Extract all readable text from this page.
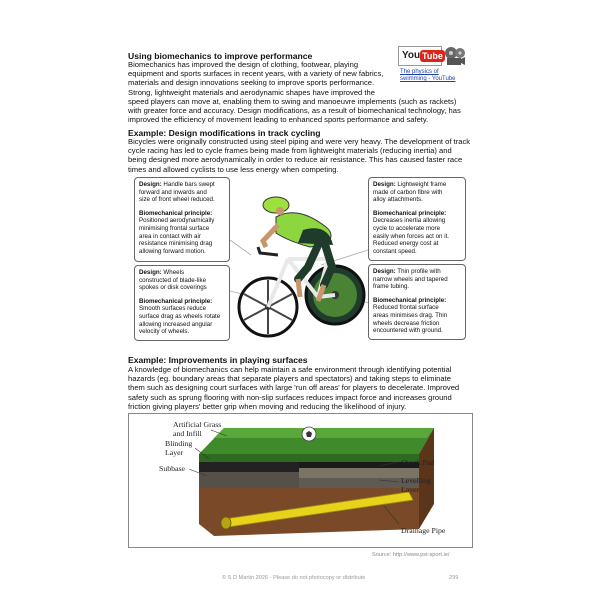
Using biomechanics to improve performance
Biomechanics has improved the design of clothing, footwear, playing
equipment and sports surfaces in recent years, with a variety of new fabrics,
materials and design innovations seeking to improve sports performance.
Strong, lightweight materials and aerodynamic shapes have improved the
speed players can move at, enabling them to swing and manoeuvre implements (such as rackets)
with greater force and accuracy. Design modifications, as a result of biomechanical technology, has
improved the efficiency of movement leading to enhanced sports performance and safety.
You Tube
The physics of
swimming - YouTube
Example: Design modifications in track cycling
Bicycles were originally constructed using steel piping and were very heavy. The development of track
cycle racing has led to cycle frames being made from lightweight materials (reducing inertia) and
being designed more aerodynamically in order to reduce air resistance. This has caused faster race
times and allowed cyclists to use less energy when competing.
Design: Handle bars swept
forward and inwards and
size of front wheel reduced.
Biomechanical principle:
Positioned aerodynamically
minimising frontal surface
area in contact with air
resistance minimising drag
allowing forward motion.
Design: Wheels
constructed of blade-like
spokes or disk coverings
Biomechanical principle:
Smooth surfaces reduce
surface drag as wheels rotate
allowing increased angular
velocity of wheels.
Design: Lightweight frame
made of carbon fibre with
alloy attachments.
Biomechanical principle:
Decreases inertia allowing
cycle to accelerate more
easily when forces act on it.
Reduced energy cost at
constant speed.
Design: Thin profile with
narrow wheels and tapered
frame tubing.
Biomechanical principle:
Reduced frontal surface
areas minimises drag. Thin
wheels decrease friction
encountered with ground.
Example: Improvements in playing surfaces
A knowledge of biomechanics can help maintain a safe environment through identifying potential
hazards (eg. boundary areas that separate players and spectators) and taking steps to eliminate
them such as designing court surfaces with large 'run off areas' for players to decelerate. Improved
safety such as sprung flooring with non-slip surfaces reduces impact force and increases ground
friction giving players' better grip when moving and reducing the likelihood of injury.
Artificial Grass
and Infill
Blinding
Layer
Subbase
Shock Pad
Levelling
Layer
Drainage Pipe
Source: http://www.pst-sport.ie/
© S D Martin 2026 - Please do not photocopy or distribute	299
